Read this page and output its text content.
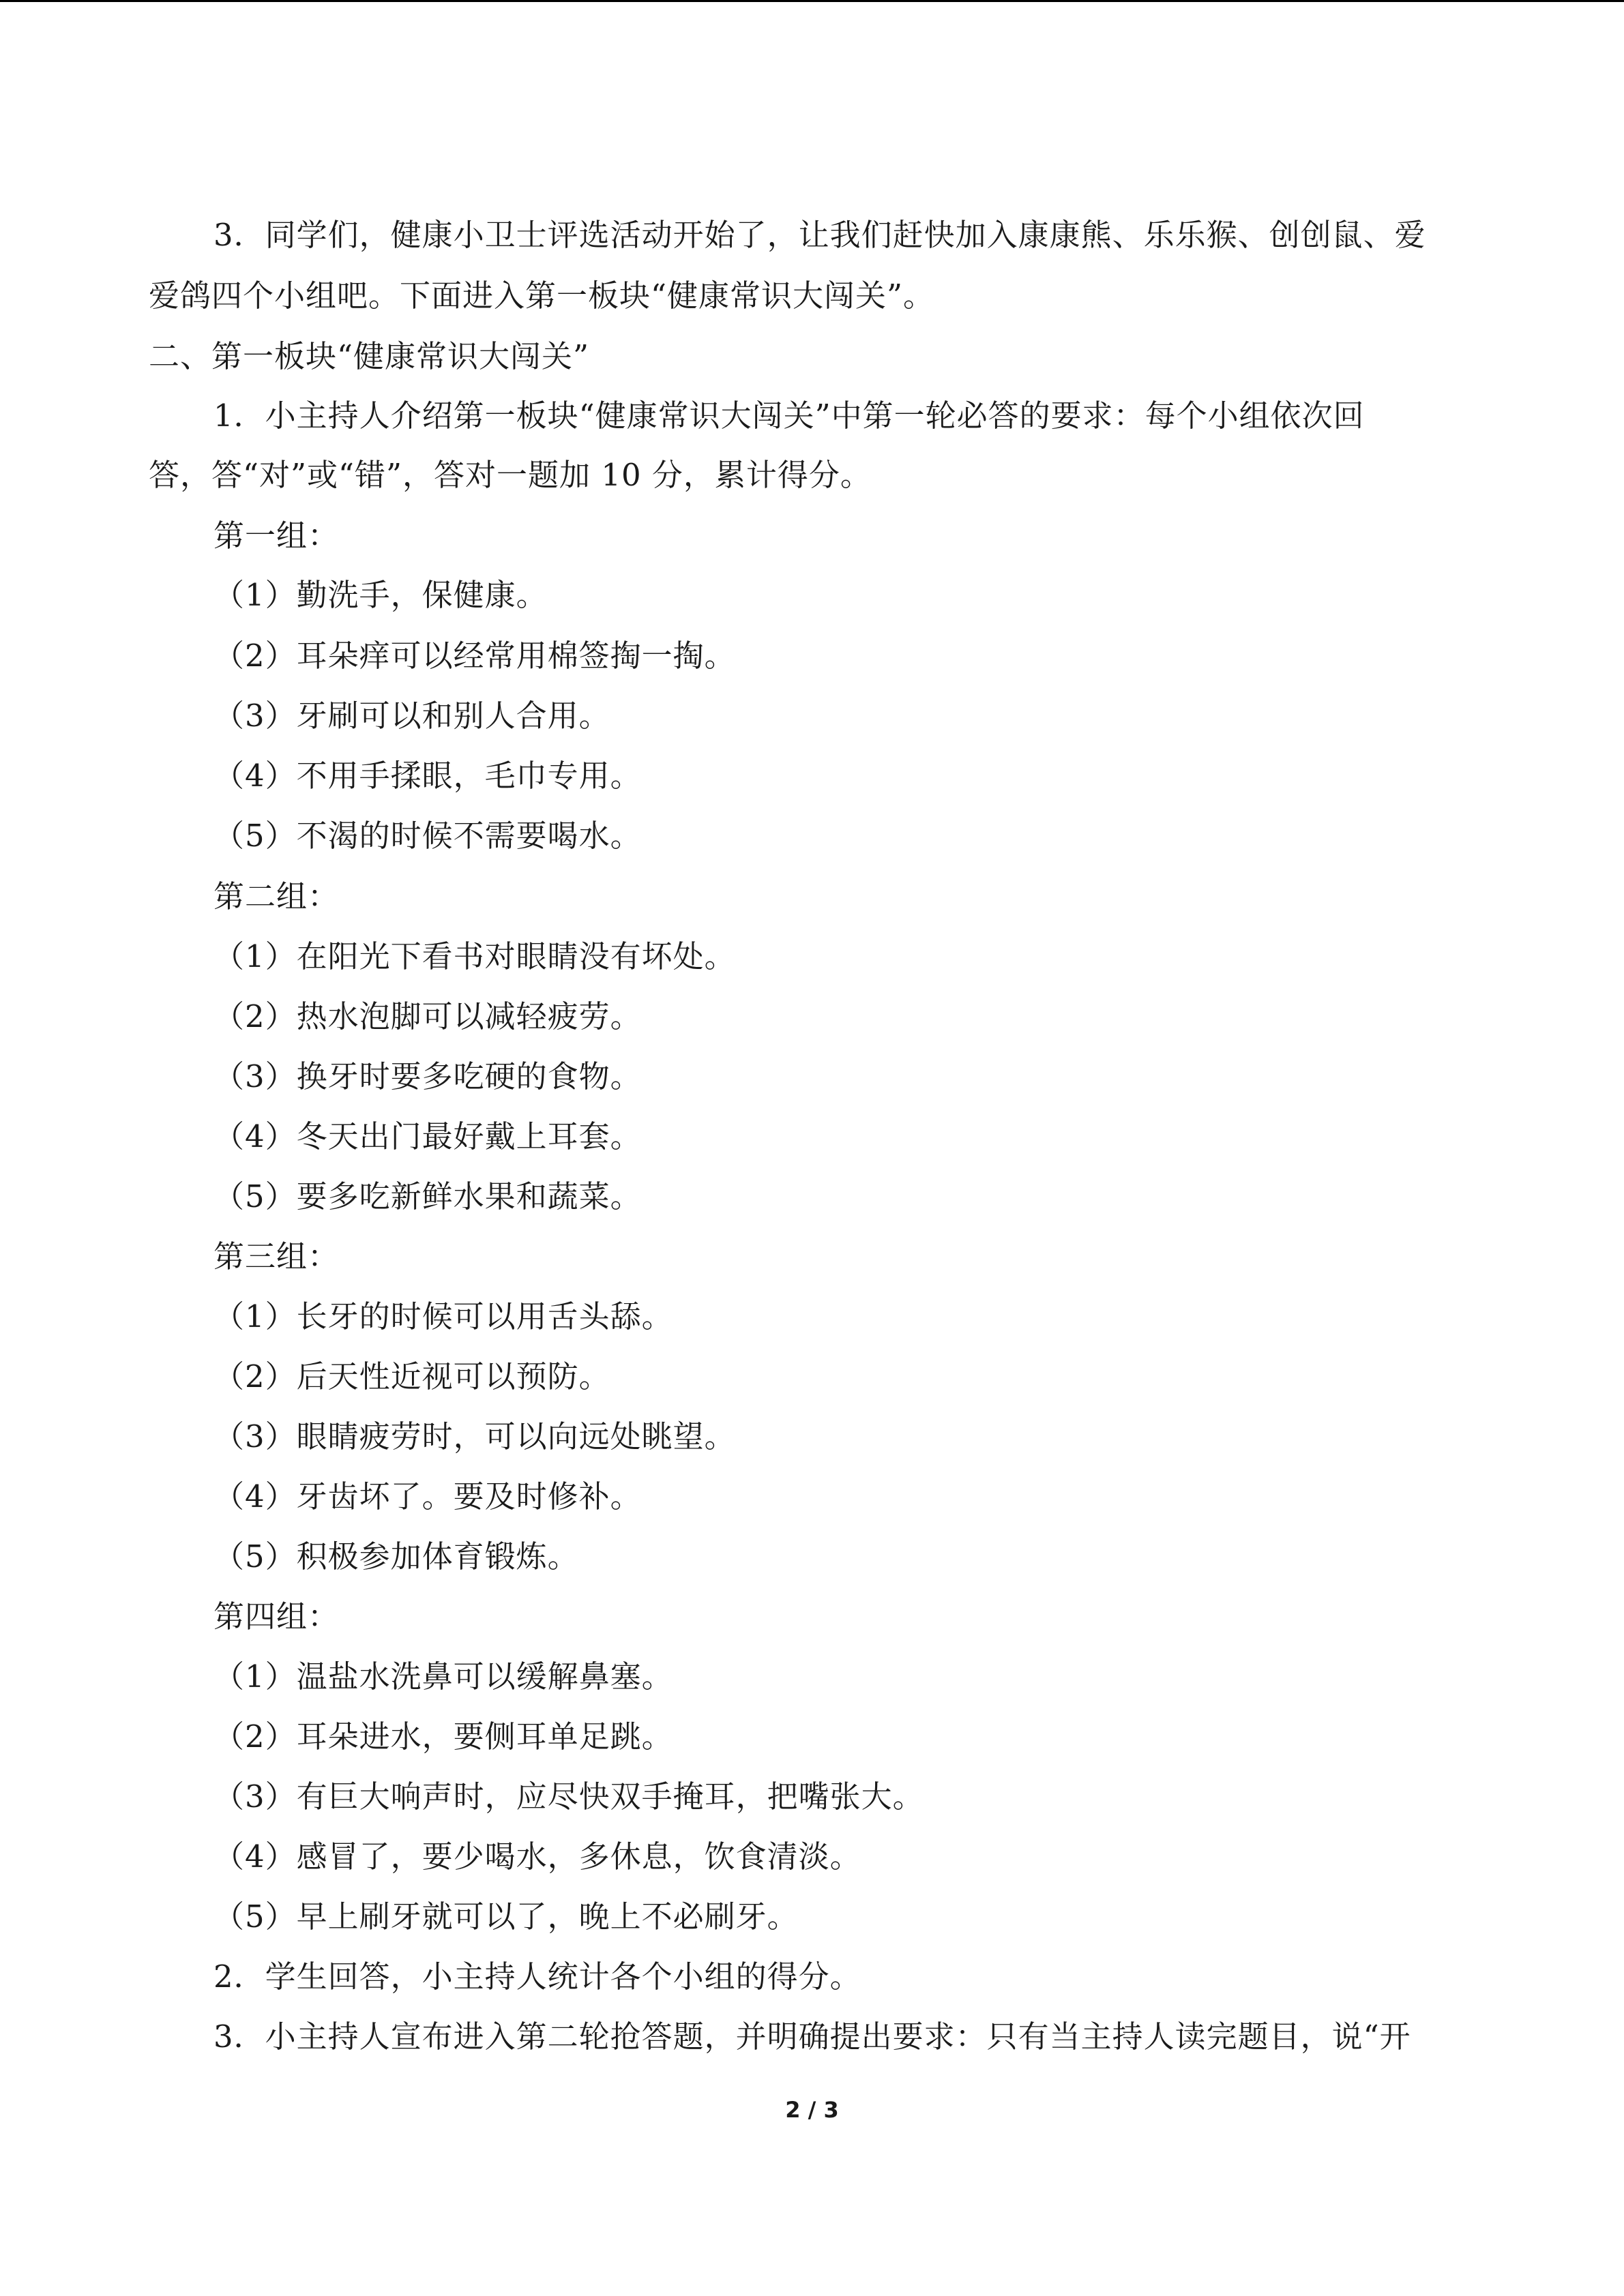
3．同学们，健康小卫士评选活动开始了，让我们赶快加入康康熊、乐乐猴、创创鼠、爱
爱鸽四个小组吧。下面进入第一板块“健康常识大闯关”。
二、第一板块“健康常识大闯关”
1．小主持人介绍第一板块“健康常识大闯关”中第一轮必答的要求：每个小组依次回
答，答“对”或“错”，答对一题加 10 分，累计得分。
第一组：
（1）勤洗手，保健康。
（2）耳朵痒可以经常用棉签掏一掏。
（3）牙刷可以和别人合用。
（4）不用手揉眼，毛巾专用。
（5）不渴的时候不需要喝水。
第二组：
（1）在阳光下看书对眼睛没有坏处。
（2）热水泡脚可以减轻疲劳。
（3）换牙时要多吃硬的食物。
（4）冬天出门最好戴上耳套。
（5）要多吃新鲜水果和蔬菜。
第三组：
（1）长牙的时候可以用舌头舔。
（2）后天性近视可以预防。
（3）眼睛疲劳时，可以向远处眺望。
（4）牙齿坏了。要及时修补。
（5）积极参加体育锻炼。
第四组：
（1）温盐水洗鼻可以缓解鼻塞。
（2）耳朵进水，要侧耳单足跳。
（3）有巨大响声时，应尽快双手掩耳，把嘴张大。
（4）感冒了，要少喝水，多休息，饮食清淡。
（5）早上刷牙就可以了，晚上不必刷牙。
2．学生回答，小主持人统计各个小组的得分。
3．小主持人宣布进入第二轮抢答题，并明确提出要求：只有当主持人读完题目，说“开
2 / 3
